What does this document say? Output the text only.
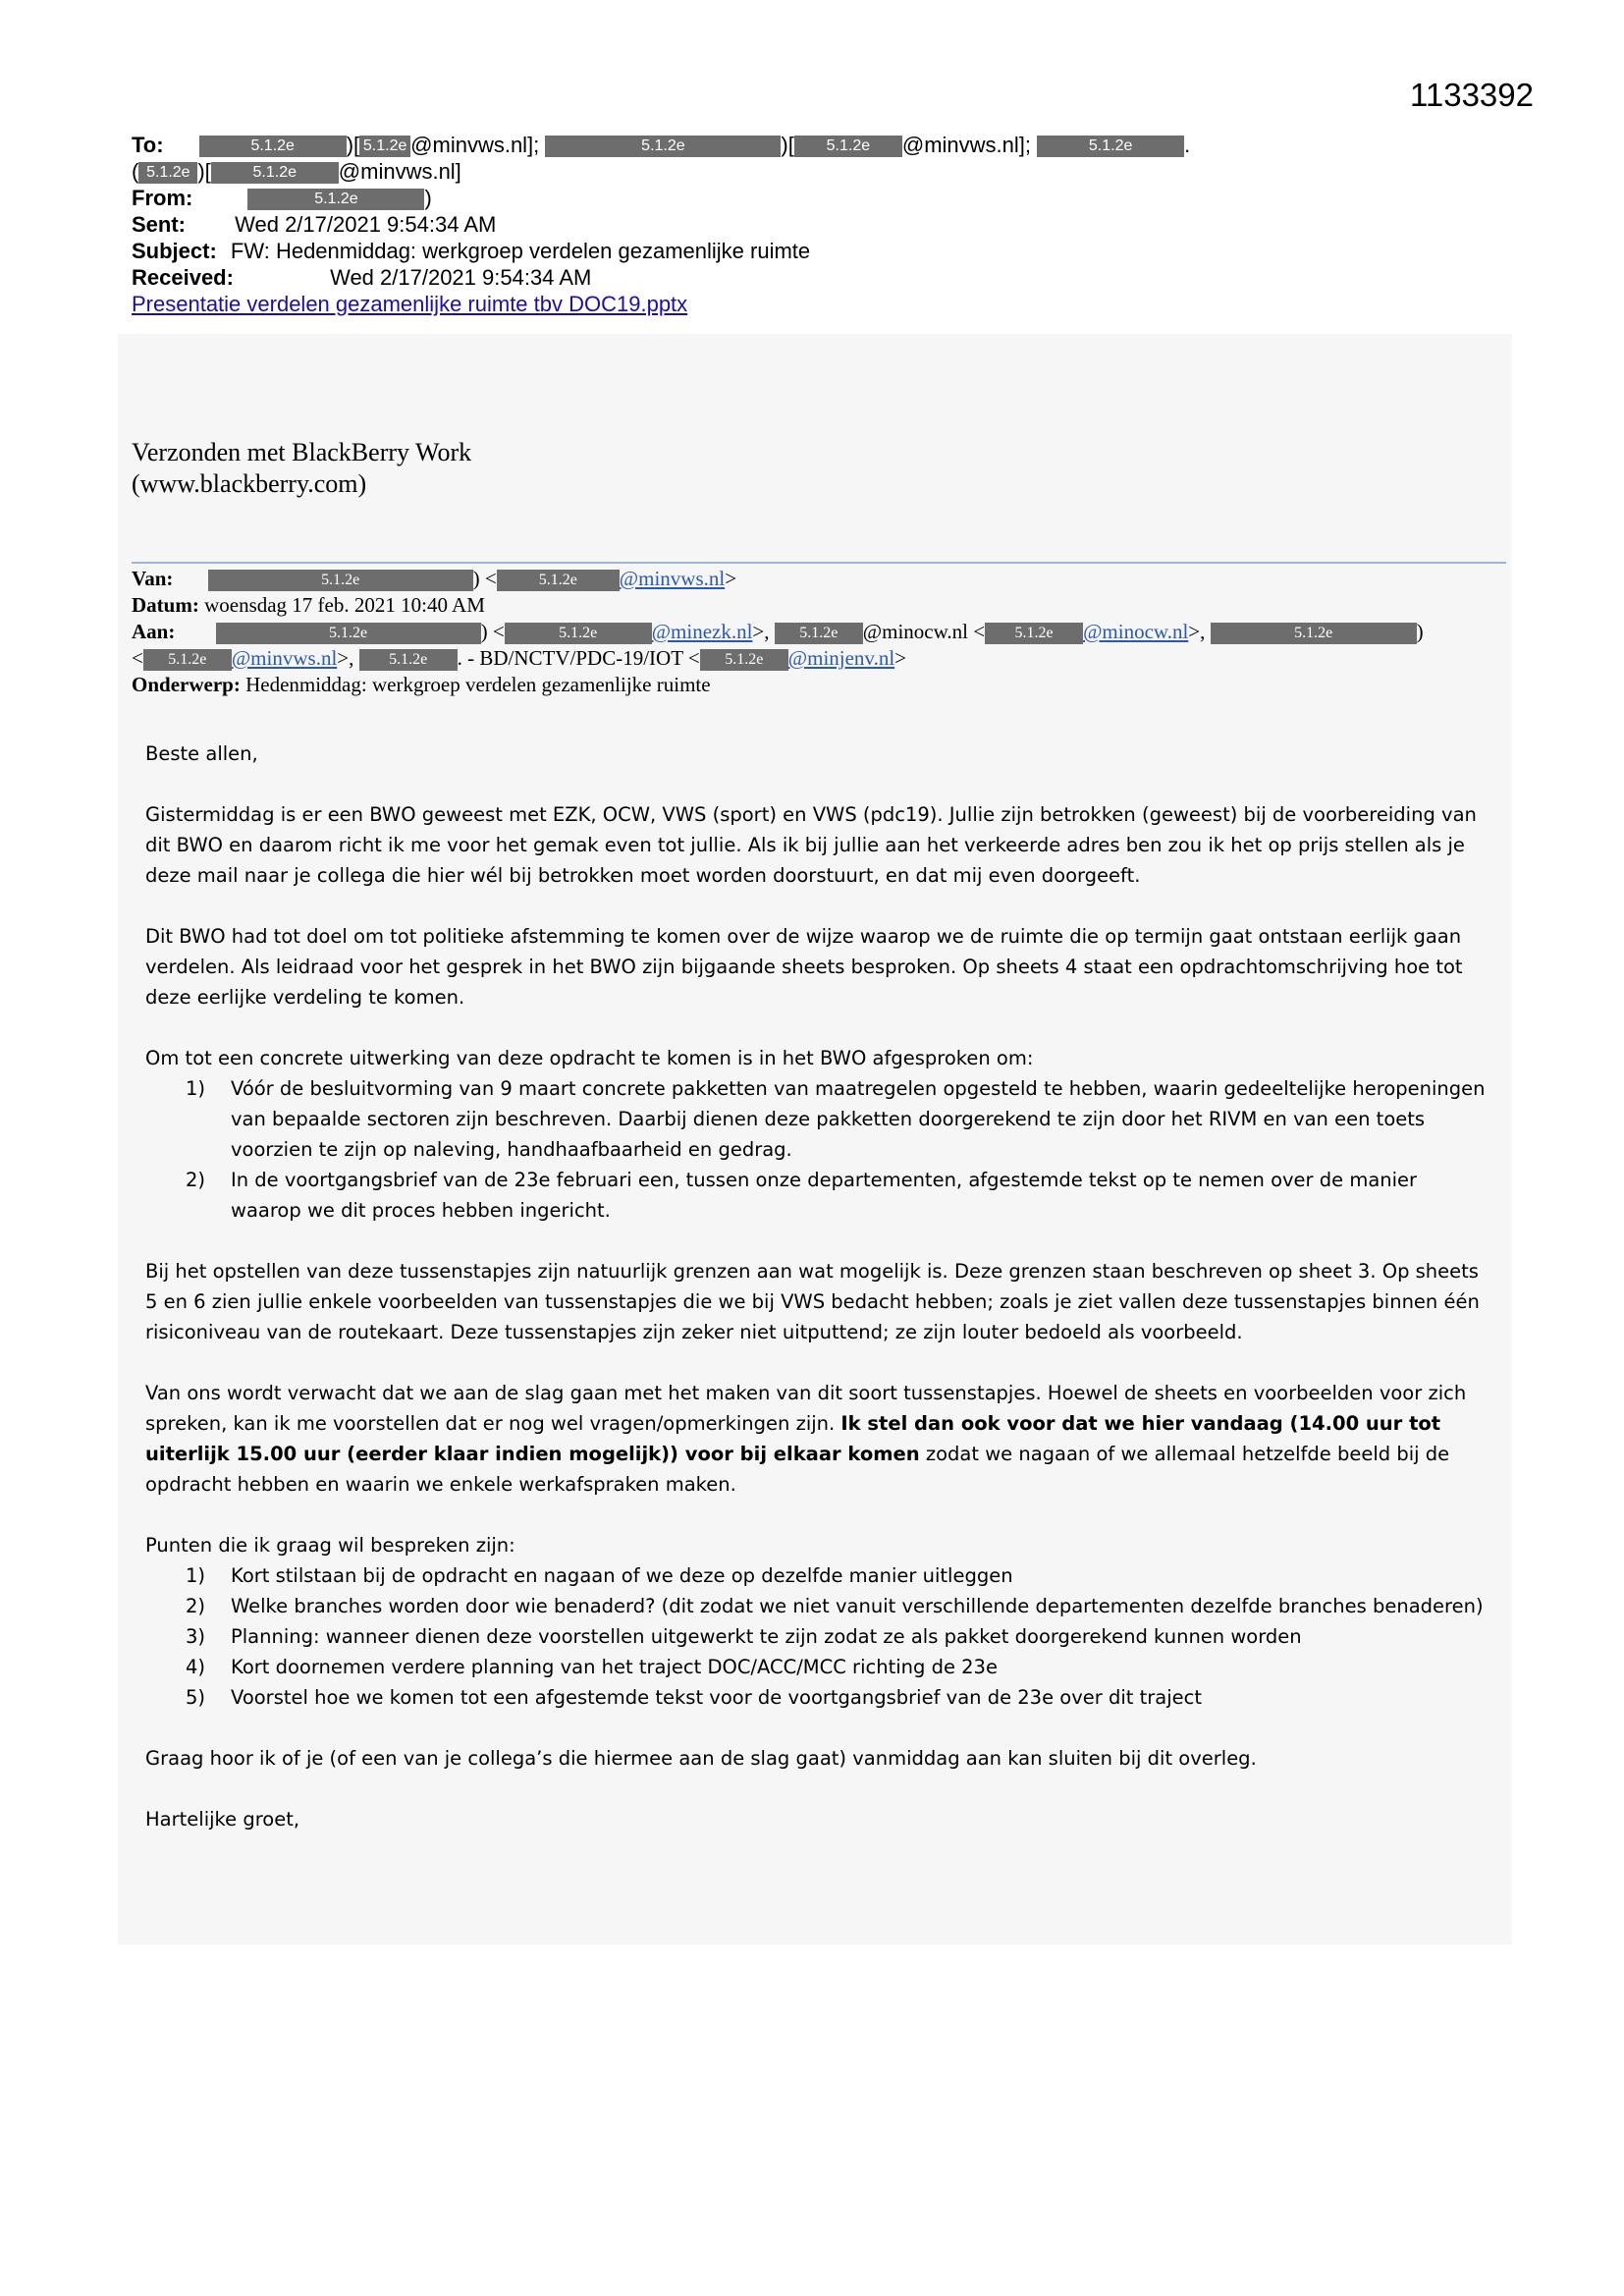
1133392
To:	5.1.2e )[ 5.1.2e @minvws.nl];	5.1.2e	)[ 5.1.2e @minvws.nl];	5.1.2e .
( 5.1.2e )[	5.1.2e @minvws.nl]
From:	5.1.2e	)
Sent: Wed 2/17/2021 9:54:34 AM
Subject: FW: Hedenmiddag: werkgroep verdelen gezamenlijke ruimte
Received:	Wed 2/17/2021 9:54:34 AM
Presentatie verdelen gezamenlijke ruimte tbv DOC19.pptx
Verzonden met BlackBerry Work
(www.blackberry.com)
Van:	5.1.2e	) <	5.1.2e @minvws.nl>
Datum: woensdag 17 feb. 2021 10:40 AM
Aan:	5.1.2e	) <	5.1.2e	@minezk.nl>, 5.1.2e @minocw.nl < 5.1.2e @minocw.nl>,	5.1.2e	)
< 5.1.2e @minvws.nl>, 5.1.2e . - BD/NCTV/PDC-19/IOT < 5.1.2e @minjenv.nl>
Onderwerp: Hedenmiddag: werkgroep verdelen gezamenlijke ruimte

Beste allen,

Gistermiddag is er een BWO geweest met EZK, OCW, VWS (sport) en VWS (pdc19). Jullie zijn betrokken (geweest) bij de voorbereiding van dit BWO en daarom richt ik me voor het gemak even tot jullie. Als ik bij jullie aan het verkeerde adres ben zou ik het op prijs stellen als je deze mail naar je collega die hier wél bij betrokken moet worden doorstuurt, en dat mij even doorgeeft.

Dit BWO had tot doel om tot politieke afstemming te komen over de wijze waarop we de ruimte die op termijn gaat ontstaan eerlijk gaan verdelen. Als leidraad voor het gesprek in het BWO zijn bijgaande sheets besproken. Op sheets 4 staat een opdrachtomschrijving hoe tot deze eerlijke verdeling te komen.

Om tot een concrete uitwerking van deze opdracht te komen is in het BWO afgesproken om:
1) Vóór de besluitvorming van 9 maart concrete pakketten van maatregelen opgesteld te hebben, waarin gedeeltelijke heropeningen van bepaalde sectoren zijn beschreven. Daarbij dienen deze pakketten doorgerekend te zijn door het RIVM en van een toets voorzien te zijn op naleving, handhaafbaarheid en gedrag.
2) In de voortgangsbrief van de 23e februari een, tussen onze departementen, afgestemde tekst op te nemen over de manier waarop we dit proces hebben ingericht.

Bij het opstellen van deze tussenstapjes zijn natuurlijk grenzen aan wat mogelijk is. Deze grenzen staan beschreven op sheet 3. Op sheets 5 en 6 zien jullie enkele voorbeelden van tussenstapjes die we bij VWS bedacht hebben; zoals je ziet vallen deze tussenstapjes binnen één risiconiveau van de routekaart. Deze tussenstapjes zijn zeker niet uitputtend; ze zijn louter bedoeld als voorbeeld.

Van ons wordt verwacht dat we aan de slag gaan met het maken van dit soort tussenstapjes. Hoewel de sheets en voorbeelden voor zich spreken, kan ik me voorstellen dat er nog wel vragen/opmerkingen zijn. Ik stel dan ook voor dat we hier vandaag (14.00 uur tot uiterlijk 15.00 uur (eerder klaar indien mogelijk)) voor bij elkaar komen zodat we nagaan of we allemaal hetzelfde beeld bij de opdracht hebben en waarin we enkele werkafspraken maken.

Punten die ik graag wil bespreken zijn:
1) Kort stilstaan bij de opdracht en nagaan of we deze op dezelfde manier uitleggen
2) Welke branches worden door wie benaderd? (dit zodat we niet vanuit verschillende departementen dezelfde branches benaderen)
3) Planning: wanneer dienen deze voorstellen uitgewerkt te zijn zodat ze als pakket doorgerekend kunnen worden
4) Kort doornemen verdere planning van het traject DOC/ACC/MCC richting de 23e
5) Voorstel hoe we komen tot een afgestemde tekst voor de voortgangsbrief van de 23e over dit traject

Graag hoor ik of je (of een van je collega’s die hiermee aan de slag gaat) vanmiddag aan kan sluiten bij dit overleg.

Hartelijke groet,
